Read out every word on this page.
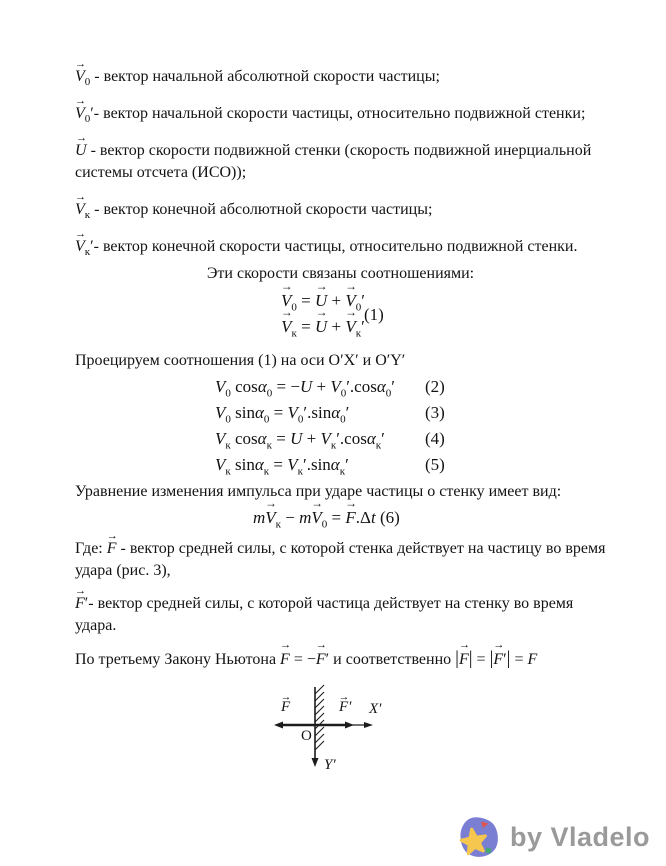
→ $V_0$ - вектор начальной абсолютной скорости частицы;

→ $V_0'-$ вектор начальной скорости частицы, относительно подвижной стенки;

→ U - вектор скорости подвижной стенки (скорость подвижной инерциальной
системы отсчета (ИСО));

→ $V_к$ - вектор конечной абсолютной скорости частицы;

→ $V_к'-$ вектор конечной скорости частицы, относительно подвижной стенки.

Эти скорости связаны соотношениями:

→ $V_0$ = → U + → $V_0'$
→ $V_к$ = → U + → $V_к'$
(1)

Проецируем соотношения (1) на оси O′X′ и O′Y′

$V_0$ $\cos\alpha_0 = -U + V_0'.\cos\alpha_0'$ (2)
$V_0$ $\sin\alpha_0 = V_0'.\sin\alpha_0'$	(3)
$V_к$ $\cos\alpha_к = U + V_к'.\cos\alpha_к'$ (4)
$V_к$ $\sin\alpha_к = V_к'.\sin\alpha_к'$	(5)

Уравнение изменения импульса при ударе частицы о стенку имеет вид:

$m\to V_к - m\to V_0$ = → F.Δt (6)

Где: → F - вектор средней силы, с которой стенка действует на частицу во время
удара (рис. 3),

→ F′- вектор средней силы, с которой частица действует на стенку во время
удара.

По третьему Закону Ньютона → F = −→ F′ и соответственно |→ F| = |→ F′| = F

→ F	→ F′ X′
O
Y′
by Vladelo
